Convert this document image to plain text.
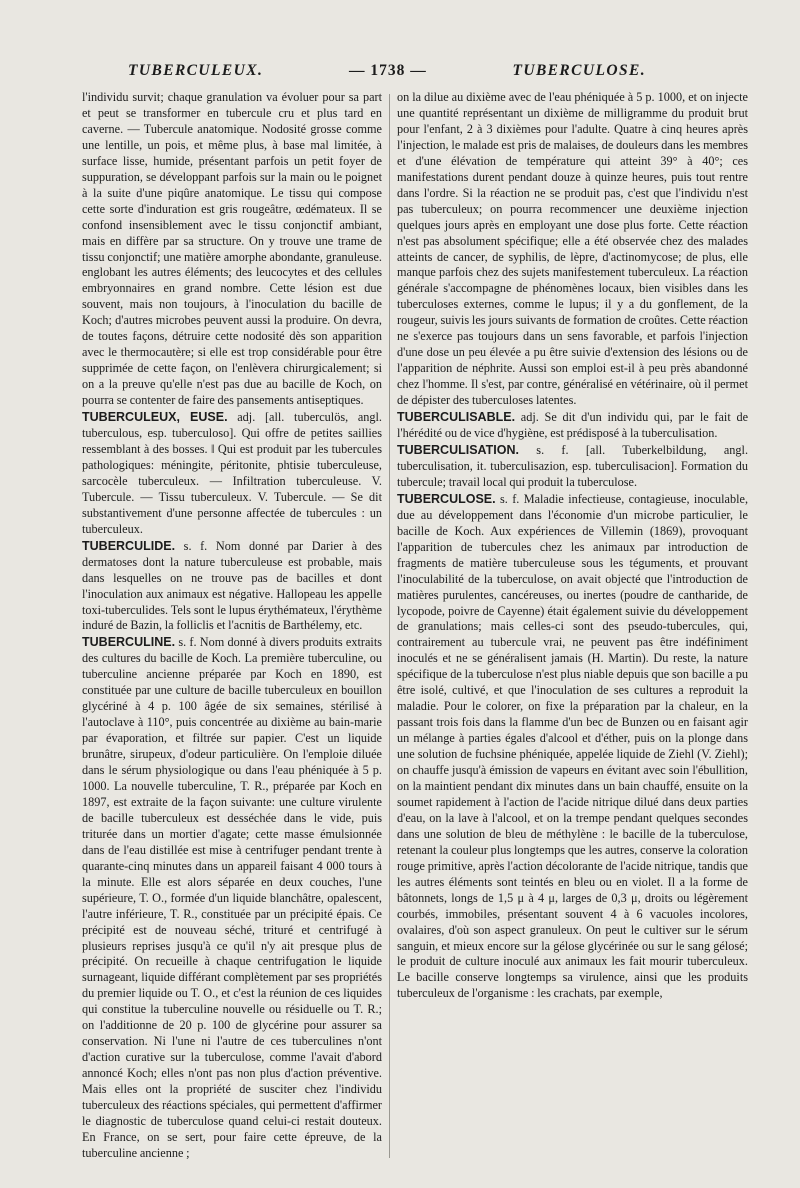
TUBERCULEUX.	— 1738 —	TUBERCULOSE.

l'individu survit; chaque granulation va évoluer pour sa part et peut se transformer en tubercule cru et plus tard en caverne. — Tubercule anatomique. Nodosité grosse comme une lentille, un pois, et même plus, à base mal limitée, à surface lisse, humide, présentant parfois un petit foyer de suppuration, se développant parfois sur la main ou le poignet à la suite d'une piqûre anatomique. Le tissu qui compose cette sorte d'induration est gris rougeâtre, œdémateux. Il se confond insensiblement avec le tissu conjonctif ambiant, mais en diffère par sa structure. On y trouve une trame de tissu conjonctif; une matière amorphe abondante, granuleuse. englobant les autres éléments; des leucocytes et des cellules embryonnaires en grand nombre. Cette lésion est due souvent, mais non toujours, à l'inoculation du bacille de Koch; d'autres microbes peuvent aussi la produire. On devra, de toutes façons, détruire cette nodosité dès son apparition avec le thermocautère; si elle est trop considérable pour être supprimée de cette façon, on l'enlèvera chirurgicalement; si on a la preuve qu'elle n'est pas due au bacille de Koch, on pourra se contenter de faire des pansements antiseptiques.

TUBERCULEUX, EUSE. adj. [all. tuberculös, angl. tuberculous, esp. tuberculoso]. Qui offre de petites saillies ressemblant à des bosses. ‖ Qui est produit par les tubercules pathologiques: méningite, péritonite, phtisie tuberculeuse, sarcocèle tuberculeux. — Infiltration tuberculeuse. V. Tubercule. — Tissu tuberculeux. V. Tubercule. — Se dit substantivement d'une personne affectée de tubercules : un tuberculeux.

TUBERCULIDE. s. f. Nom donné par Darier à des dermatoses dont la nature tuberculeuse est probable, mais dans lesquelles on ne trouve pas de bacilles et dont l'inoculation aux animaux est négative. Hallopeau les appelle toxi-tuberculides. Tels sont le lupus érythémateux, l'érythème induré de Bazin, la folliclis et l'acnitis de Barthélemy, etc.

TUBERCULINE. s. f. Nom donné à divers produits extraits des cultures du bacille de Koch. La première tuberculine, ou tuberculine ancienne préparée par Koch en 1890, est constituée par une culture de bacille tuberculeux en bouillon glycériné à 4 p. 100 âgée de six semaines, stérilisé à l'autoclave à 110°, puis concentrée au dixième au bain-marie par évaporation, et filtrée sur papier. C'est un liquide brunâtre, sirupeux, d'odeur particulière. On l'emploie diluée dans le sérum physiologique ou dans l'eau phéniquée à 5 p. 1000. La nouvelle tuberculine, T. R., préparée par Koch en 1897, est extraite de la façon suivante: une culture virulente de bacille tuberculeux est desséchée dans le vide, puis triturée dans un mortier d'agate; cette masse émulsionnée dans de l'eau distillée est mise à centrifuger pendant trente à quarante-cinq minutes dans un appareil faisant 4 000 tours à la minute. Elle est alors séparée en deux couches, l'une supérieure, T. O., formée d'un liquide blanchâtre, opalescent, l'autre inférieure, T. R., constituée par un précipité épais. Ce précipité est de nouveau séché, trituré et centrifugé à plusieurs reprises jusqu'à ce qu'il n'y ait presque plus de précipité. On recueille à chaque centrifugation le liquide surnageant, liquide différant complètement par ses propriétés du premier liquide ou T. O., et c'est la réunion de ces liquides qui constitue la tuberculine nouvelle ou résiduelle ou T. R.; on l'additionne de 20 p. 100 de glycérine pour assurer sa conservation. Ni l'une ni l'autre de ces tuberculines n'ont d'action curative sur la tuberculose, comme l'avait d'abord annoncé Koch; elles n'ont pas non plus d'action préventive. Mais elles ont la propriété de susciter chez l'individu tuberculeux des réactions spéciales, qui permettent d'affirmer le diagnostic de tuberculose quand celui-ci restait douteux. En France, on se sert, pour faire cette épreuve, de la tuberculine ancienne ;

on la dilue au dixième avec de l'eau phéniquée à 5 p. 1000, et on injecte une quantité représentant un dixième de milligramme du produit brut pour l'enfant, 2 à 3 dixièmes pour l'adulte. Quatre à cinq heures après l'injection, le malade est pris de malaises, de douleurs dans les membres et d'une élévation de température qui atteint 39° à 40°; ces manifestations durent pendant douze à quinze heures, puis tout rentre dans l'ordre. Si la réaction ne se produit pas, c'est que l'individu n'est pas tuberculeux; on pourra recommencer une deuxième injection quelques jours après en employant une dose plus forte. Cette réaction n'est pas absolument spécifique; elle a été observée chez des malades atteints de cancer, de syphilis, de lèpre, d'actinomycose; de plus, elle manque parfois chez des sujets manifestement tuberculeux. La réaction générale s'accompagne de phénomènes locaux, bien visibles dans les tuberculoses externes, comme le lupus; il y a du gonflement, de la rougeur, suivis les jours suivants de formation de croûtes. Cette réaction ne s'exerce pas toujours dans un sens favorable, et parfois l'injection d'une dose un peu élevée a pu être suivie d'extension des lésions ou de l'apparition de néphrite. Aussi son emploi est-il à peu près abandonné chez l'homme. Il s'est, par contre, généralisé en vétérinaire, où il permet de dépister des tuberculoses latentes.

TUBERCULISABLE. adj. Se dit d'un individu qui, par le fait de l'hérédité ou de vice d'hygiène, est prédisposé à la tuberculisation.

TUBERCULISATION. s. f. [all. Tuberkelbildung, angl. tuberculisation, it. tuberculisazion, esp. tuberculisacion]. Formation du tubercule; travail local qui produit la tuberculose.

TUBERCULOSE. s. f. Maladie infectieuse, contagieuse, inoculable, due au développement dans l'économie d'un microbe particulier, le bacille de Koch. Aux expériences de Villemin (1869), provoquant l'apparition de tubercules chez les animaux par introduction de fragments de matière tuberculeuse sous les téguments, et prouvant l'inoculabilité de la tuberculose, on avait objecté que l'introduction de matières purulentes, cancéreuses, ou inertes (poudre de cantharide, de lycopode, poivre de Cayenne) était également suivie du développement de granulations; mais celles-ci sont des pseudo-tubercules, qui, contrairement au tubercule vrai, ne peuvent pas être indéfiniment inoculés et ne se généralisent jamais (H. Martin). Du reste, la nature spécifique de la tuberculose n'est plus niable depuis que son bacille a pu être isolé, cultivé, et que l'inoculation de ses cultures a reproduit la maladie. Pour le colorer, on fixe la préparation par la chaleur, en la passant trois fois dans la flamme d'un bec de Bunzen ou en faisant agir un mélange à parties égales d'alcool et d'éther, puis on la plonge dans une solution de fuchsine phéniquée, appelée liquide de Ziehl (V. Ziehl); on chauffe jusqu'à émission de vapeurs en évitant avec soin l'ébullition, on la maintient pendant dix minutes dans un bain chauffé, ensuite on la soumet rapidement à l'action de l'acide nitrique dilué dans deux parties d'eau, on la lave à l'alcool, et on la trempe pendant quelques secondes dans une solution de bleu de méthylène : le bacille de la tuberculose, retenant la couleur plus longtemps que les autres, conserve la coloration rouge primitive, après l'action décolorante de l'acide nitrique, tandis que les autres éléments sont teintés en bleu ou en violet. Il a la forme de bâtonnets, longs de 1,5 μ à 4 μ, larges de 0,3 μ, droits ou légèrement courbés, immobiles, présentant souvent 4 à 6 vacuoles incolores, ovalaires, d'où son aspect granuleux. On peut le cultiver sur le sérum sanguin, et mieux encore sur la gélose glycérinée ou sur le sang gélosé; le produit de culture inoculé aux animaux les fait mourir tuberculeux. Le bacille conserve longtemps sa virulence, ainsi que les produits tuberculeux de l'organisme : les crachats, par exemple,
